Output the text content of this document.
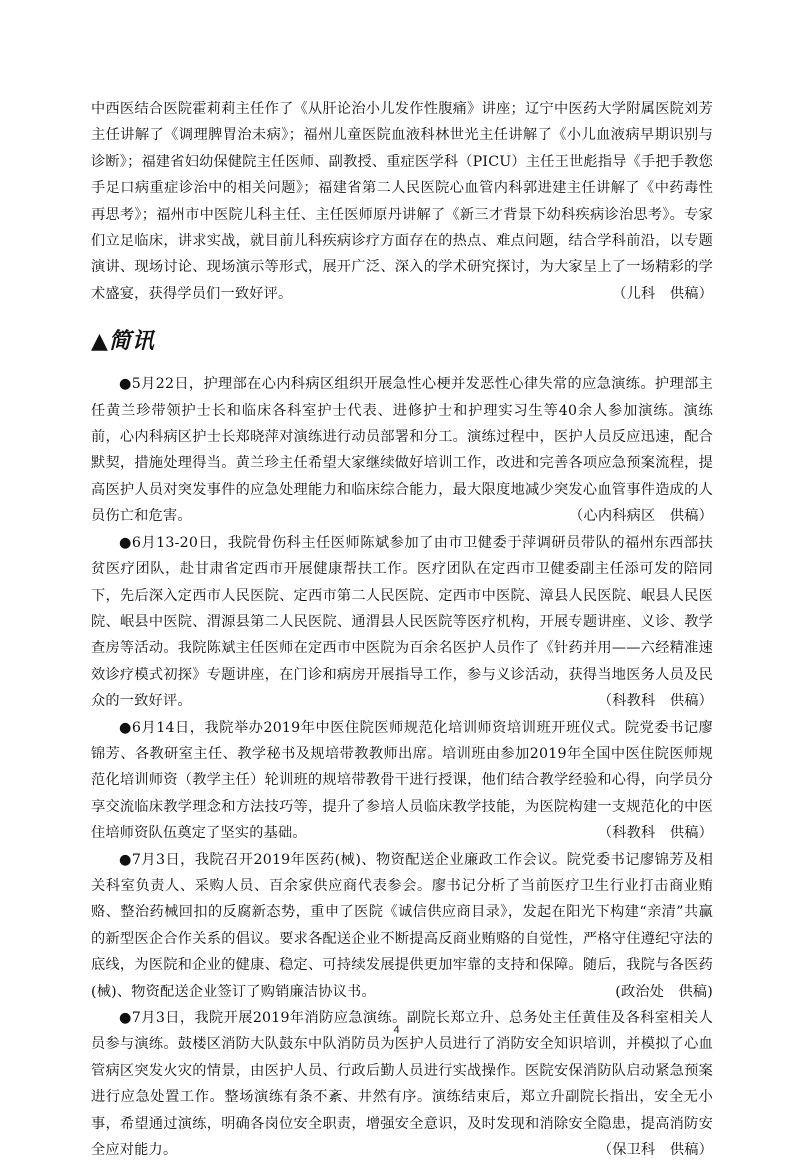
中西医结合医院霍莉莉主任作了《从肝论治小儿发作性腹痛》讲座；辽宁中医药大学附属医院刘芳主任讲解了《调理脾胃治未病》；福州儿童医院血液科林世光主任讲解了《小儿血液病早期识别与诊断》；福建省妇幼保健院主任医师、副教授、重症医学科（PICU）主任王世彪指导《手把手教您手足口病重症诊治中的相关问题》；福建省第二人民医院心血管内科郭进建主任讲解了《中药毒性再思考》；福州市中医院儿科主任、主任医师原丹讲解了《新三才背景下幼科疾病诊治思考》。专家们立足临床，讲求实战，就目前儿科疾病诊疗方面存在的热点、难点问题，结合学科前沿，以专题演讲、现场讨论、现场演示等形式，展开广泛、深入的学术研究探讨，为大家呈上了一场精彩的学术盛宴，获得学员们一致好评。	（儿科　供稿）

▲简讯

●5月22日，护理部在心内科病区组织开展急性心梗并发恶性心律失常的应急演练。护理部主任黄兰珍带领护士长和临床各科室护士代表、进修护士和护理实习生等40余人参加演练。演练前，心内科病区护士长郑晓萍对演练进行动员部署和分工。演练过程中，医护人员反应迅速，配合默契，措施处理得当。黄兰珍主任希望大家继续做好培训工作，改进和完善各项应急预案流程，提高医护人员对突发事件的应急处理能力和临床综合能力，最大限度地减少突发心血管事件造成的人员伤亡和危害。	（心内科病区　供稿）

●6月13-20日，我院骨伤科主任医师陈斌参加了由市卫健委于萍调研员带队的福州东西部扶贫医疗团队，赴甘肃省定西市开展健康帮扶工作。医疗团队在定西市卫健委副主任添可发的陪同下，先后深入定西市人民医院、定西市第二人民医院、定西市中医院、漳县人民医院、岷县人民医院、岷县中医院、渭源县第二人民医院、通渭县人民医院等医疗机构，开展专题讲座、义诊、教学查房等活动。我院陈斌主任医师在定西市中医院为百余名医护人员作了《针药并用——六经精准速效诊疗模式初探》专题讲座，在门诊和病房开展指导工作，参与义诊活动，获得当地医务人员及民众的一致好评。	（科教科　供稿）

●6月14日，我院举办2019年中医住院医师规范化培训师资培训班开班仪式。院党委书记廖锦芳、各教研室主任、教学秘书及规培带教教师出席。培训班由参加2019年全国中医住院医师规范化培训师资（教学主任）轮训班的规培带教骨干进行授课，他们结合教学经验和心得，向学员分享交流临床教学理念和方法技巧等，提升了参培人员临床教学技能，为医院构建一支规范化的中医住培师资队伍奠定了坚实的基础。	（科教科　供稿）

●7月3日，我院召开2019年医药(械)、物资配送企业廉政工作会议。院党委书记廖锦芳及相关科室负责人、采购人员、百余家供应商代表参会。廖书记分析了当前医疗卫生行业打击商业贿赂、整治药械回扣的反腐新态势，重申了医院《诚信供应商目录》，发起在阳光下构建“亲清”共赢的新型医企合作关系的倡议。要求各配送企业不断提高反商业贿赂的自觉性，严格守住遵纪守法的底线，为医院和企业的健康、稳定、可持续发展提供更加牢靠的支持和保障。随后，我院与各医药(械)、物资配送企业签订了购销廉洁协议书。	(政治处　供稿)

●7月3日，我院开展2019年消防应急演练。副院长郑立升、总务处主任黄佳及各科室相关人员参与演练。鼓楼区消防大队鼓东中队消防员为医护人员进行了消防安全知识培训，并模拟了心血管病区突发火灾的情景，由医护人员、行政后勤人员进行实战操作。医院安保消防队启动紧急预案进行应急处置工作。整场演练有条不紊、井然有序。演练结束后，郑立升副院长指出，安全无小事，希望通过演练，明确各岗位安全职责，增强安全意识，及时发现和消除安全隐患，提高消防安全应对能力。	（保卫科　供稿）

4
